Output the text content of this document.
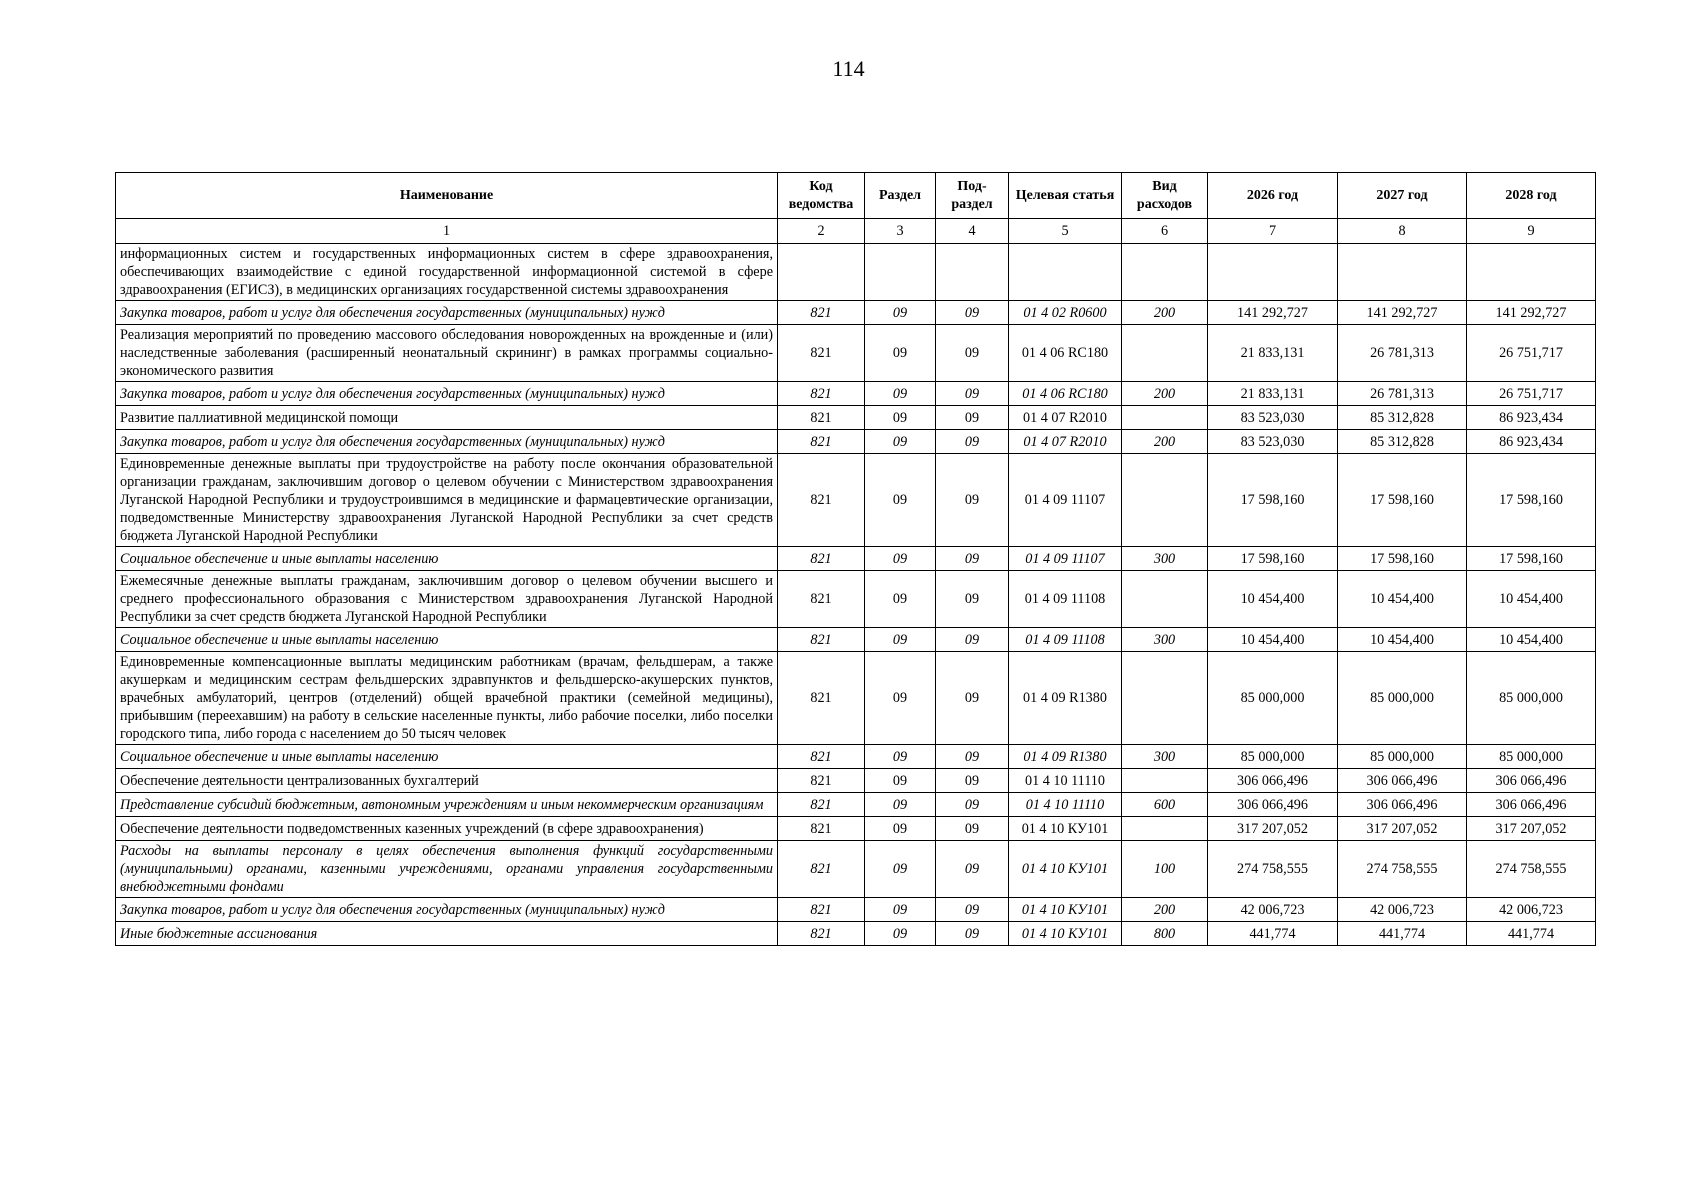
114
Наименование	Код ведомства	Раздел	Под-раздел	Целевая статья	Вид расходов	2026 год	2027 год	2028 год
1	2	3	4	5	6	7	8	9
информационных систем и государственных информационных систем в сфере здравоохранения, обеспечивающих взаимодействие с единой государственной информационной системой в сфере здравоохранения (ЕГИСЗ), в медицинских организациях государственной системы здравоохранения								
Закупка товаров, работ и услуг для обеспечения государственных (муниципальных) нужд	821	09	09	01 4 02 R0600	200	141 292,727	141 292,727	141 292,727
Реализация мероприятий по проведению массового обследования новорожденных на врожденные и (или) наследственные заболевания (расширенный неонатальный скрининг) в рамках программы социально-экономического развития	821	09	09	01 4 06 RC180		21 833,131	26 781,313	26 751,717
Закупка товаров, работ и услуг для обеспечения государственных (муниципальных) нужд	821	09	09	01 4 06 RC180	200	21 833,131	26 781,313	26 751,717
Развитие паллиативной медицинской помощи	821	09	09	01 4 07 R2010		83 523,030	85 312,828	86 923,434
Закупка товаров, работ и услуг для обеспечения государственных (муниципальных) нужд	821	09	09	01 4 07 R2010	200	83 523,030	85 312,828	86 923,434
Единовременные денежные выплаты при трудоустройстве на работу после окончания образовательной организации гражданам, заключившим договор о целевом обучении с Министерством здравоохранения Луганской Народной Республики и трудоустроившимся в медицинские и фармацевтические организации, подведомственные Министерству здравоохранения Луганской Народной Республики за счет средств бюджета Луганской Народной Республики	821	09	09	01 4 09 11107		17 598,160	17 598,160	17 598,160
Социальное обеспечение и иные выплаты населению	821	09	09	01 4 09 11107	300	17 598,160	17 598,160	17 598,160
Ежемесячные денежные выплаты гражданам, заключившим договор о целевом обучении высшего и среднего профессионального образования с Министерством здравоохранения Луганской Народной Республики за счет средств бюджета Луганской Народной Республики	821	09	09	01 4 09 11108		10 454,400	10 454,400	10 454,400
Социальное обеспечение и иные выплаты населению	821	09	09	01 4 09 11108	300	10 454,400	10 454,400	10 454,400
Единовременные компенсационные выплаты медицинским работникам (врачам, фельдшерам, а также акушеркам и медицинским сестрам фельдшерских здравпунктов и фельдшерско-акушерских пунктов, врачебных амбулаторий, центров (отделений) общей врачебной практики (семейной медицины), прибывшим (переехавшим) на работу в сельские населенные пункты, либо рабочие поселки, либо поселки городского типа, либо города с населением до 50 тысяч человек	821	09	09	01 4 09 R1380		85 000,000	85 000,000	85 000,000
Социальное обеспечение и иные выплаты населению	821	09	09	01 4 09 R1380	300	85 000,000	85 000,000	85 000,000
Обеспечение деятельности централизованных бухгалтерий	821	09	09	01 4 10 11110		306 066,496	306 066,496	306 066,496
Представление субсидий бюджетным, автономным учреждениям и иным некоммерческим организациям	821	09	09	01 4 10 11110	600	306 066,496	306 066,496	306 066,496
Обеспечение деятельности подведомственных казенных учреждений (в сфере здравоохранения)	821	09	09	01 4 10 КУ101		317 207,052	317 207,052	317 207,052
Расходы на выплаты персоналу в целях обеспечения выполнения функций государственными (муниципальными) органами, казенными учреждениями, органами управления государственными внебюджетными фондами	821	09	09	01 4 10 КУ101	100	274 758,555	274 758,555	274 758,555
Закупка товаров, работ и услуг для обеспечения государственных (муниципальных) нужд	821	09	09	01 4 10 КУ101	200	42 006,723	42 006,723	42 006,723
Иные бюджетные ассигнования	821	09	09	01 4 10 КУ101	800	441,774	441,774	441,774
